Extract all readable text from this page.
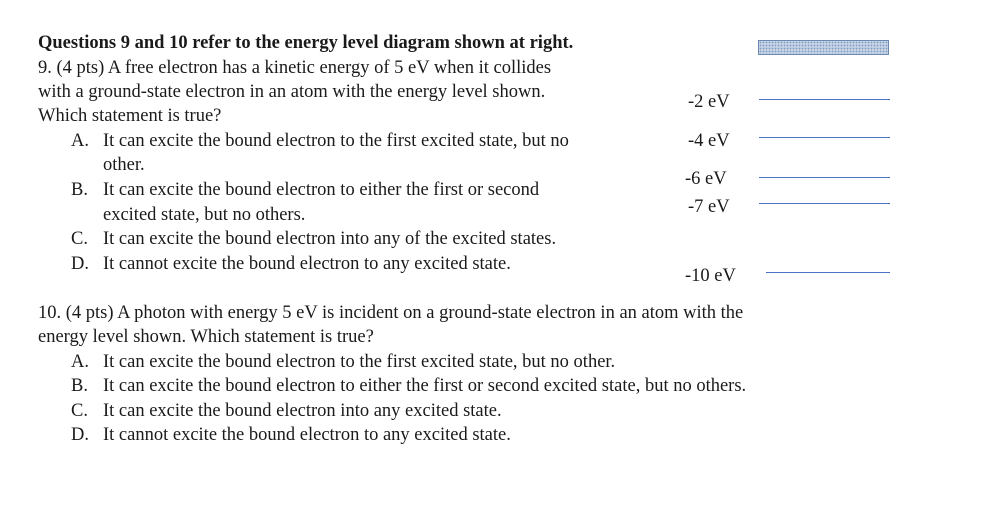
Questions 9 and 10 refer to the energy level diagram shown at right.
9. (4 pts) A free electron has a kinetic energy of 5 eV when it collides
with a ground-state electron in an atom with the energy level shown.
Which statement is true?
A. It can excite the bound electron to the first excited state, but no
other.
B. It can excite the bound electron to either the first or second
excited state, but no others.
C. It can excite the bound electron into any of the excited states.
D. It cannot excite the bound electron to any excited state.
-2 eV
-4 eV
-6 eV
-7 eV
-10 eV
10. (4 pts) A photon with energy 5 eV is incident on a ground-state electron in an atom with the
energy level shown. Which statement is true?
A. It can excite the bound electron to the first excited state, but no other.
B. It can excite the bound electron to either the first or second excited state, but no others.
C. It can excite the bound electron into any excited state.
D. It cannot excite the bound electron to any excited state.
